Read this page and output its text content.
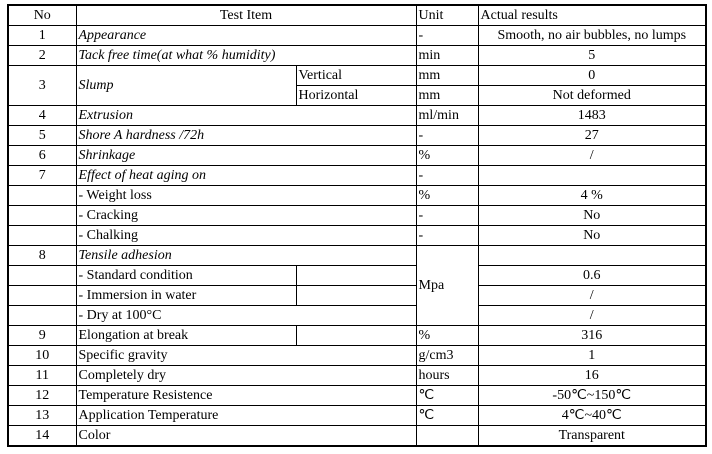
No	Test Item		Unit	Actual results
1	Appearance		-	Smooth, no air bubbles, no lumps
2	Tack free time(at what % humidity)		min	5
3	Slump	Vertical	mm	0
		Horizontal	mm	Not deformed
4	Extrusion		ml/min	1483
5	Shore A hardness /72h		-	27
6	Shrinkage		%	/
7	Effect of heat aging on		-	
	- Weight loss		%	4 %
	- Cracking		-	No
	- Chalking		-	No
8	Tensile adhesion		Mpa	
	- Standard condition			0.6
	- Immersion in water			/
	- Dry at 100°C			/
9	Elongation at break		%	316
10	Specific gravity		g/cm3	1
11	Completely dry		hours	16
12	Temperature Resistence		℃	-50℃~150℃
13	Application Temperature		℃	4℃~40℃
14	Color			Transparent
